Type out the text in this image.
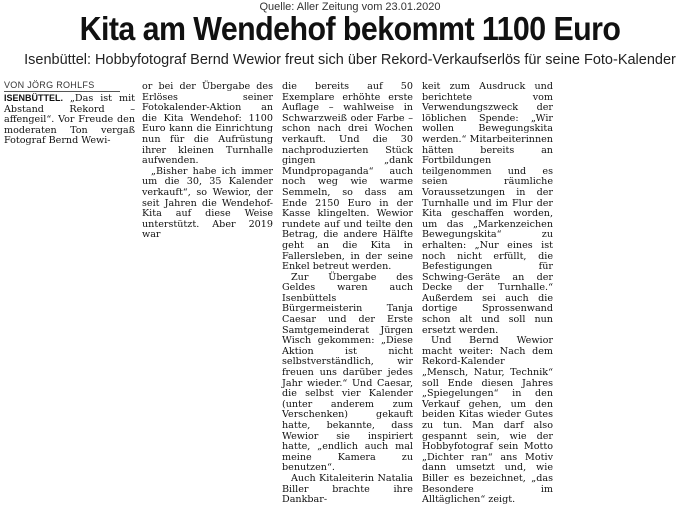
Quelle: Aller Zeitung vom 23.01.2020
Kita am Wendehof bekommt 1100 Euro
Isenbüttel: Hobbyfotograf Bernd Wewior freut sich über Rekord-Verkaufserlös für seine Foto-Kalender
VON JÖRG ROHLFS

ISENBÜTTEL. „Das ist mit Abstand Rekord – affengeil“. Vor Freude den moderaten Ton vergaß Fotograf Bernd Wewi-

or bei der Übergabe des Erlöses seiner Fotokalender-Aktion an die Kita Wendehof: 1100 Euro kann die Einrichtung nun für die Aufrüstung ihrer kleinen Turnhalle aufwenden.

„Bisher habe ich immer um die 30, 35 Kalender verkauft“, so Wewior, der seit Jahren die Wendehof-Kita auf diese Weise unterstützt. Aber 2019 war

die bereits auf 50 Exemplare erhöhte erste Auflage – wahlweise in Schwarzweiß oder Farbe – schon nach drei Wochen verkauft. Und die 30 nachproduzierten Stück gingen „dank Mundpropaganda“ auch noch weg wie warme Semmeln, so dass am Ende 2150 Euro in der Kasse klingelten. Wewior rundete auf und teilte den Betrag, die andere Hälfte geht an die Kita in Fallersleben, in der seine Enkel betreut werden.

Zur Übergabe des Geldes waren auch Isenbüttels Bürgermeisterin Tanja Caesar und der Erste Samtgemeinderat Jürgen Wisch gekommen: „Diese Aktion ist nicht selbstverständlich, wir freuen uns darüber jedes Jahr wieder.“ Und Caesar, die selbst vier Kalender (unter anderem zum Verschenken) gekauft hatte, bekannte, dass Wewior sie inspiriert hatte, „endlich auch mal meine Kamera zu benutzen“.

Auch Kitaleiterin Natalia Biller brachte ihre Dankbar-

keit zum Ausdruck und berichtete vom Verwendungszweck der löblichen Spende: „Wir wollen Bewegungskita werden.“ Mitarbeiterinnen hätten bereits an Fortbildungen teilgenommen und es seien räumliche Voraussetzungen in der Turnhalle und im Flur der Kita geschaffen worden, um das „Markenzeichen Bewegungskita“ zu erhalten: „Nur eines ist noch nicht erfüllt, die Befestigungen für Schwing-Geräte an der Decke der Turnhalle.“ Außerdem sei auch die dortige Sprossenwand schon alt und soll nun ersetzt werden.

Und Bernd Wewior macht weiter: Nach dem Rekord-Kalender „Mensch, Natur, Technik“ soll Ende diesen Jahres „Spiegelungen“ in den Verkauf gehen, um den beiden Kitas wieder Gutes zu tun. Man darf also gespannt sein, wie der Hobbyfotograf sein Motto „Dichter ran“ ans Motiv dann umsetzt und, wie Biller es bezeichnet, „das Besondere im Alltäglichen“ zeigt.
